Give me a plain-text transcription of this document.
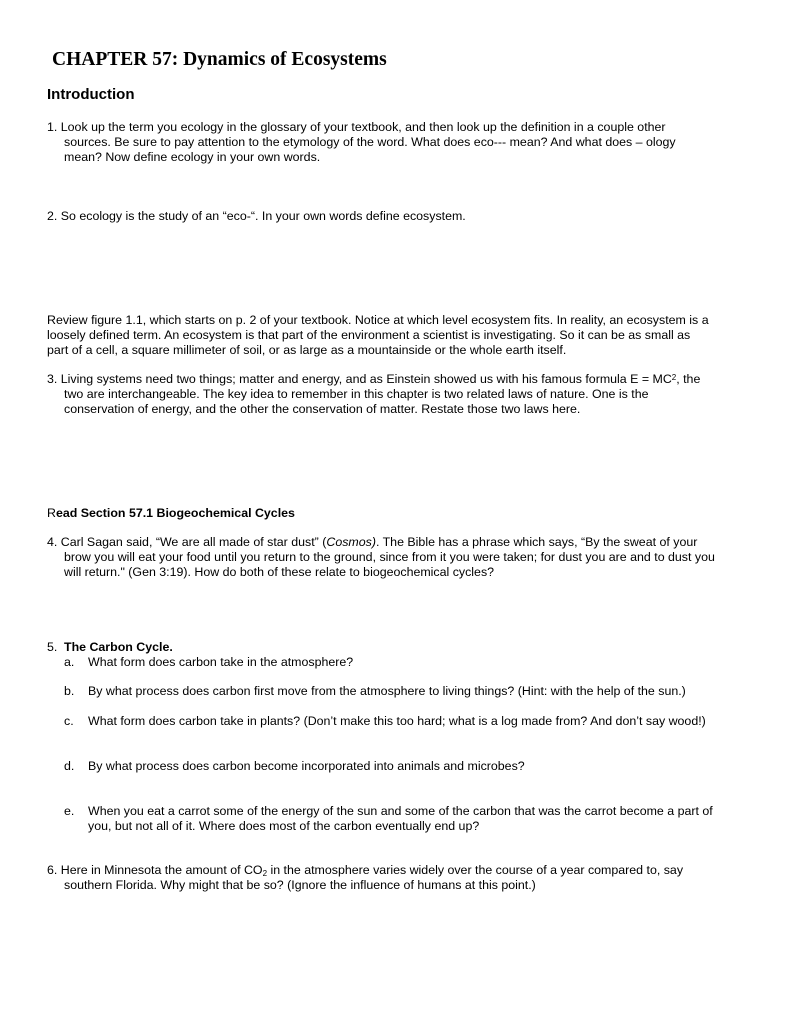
CHAPTER 57: Dynamics of Ecosystems
Introduction
1. Look up the term you ecology in the glossary of your textbook, and then look up the definition in a couple other
sources. Be sure to pay attention to the etymology of the word. What does eco--- mean? And what does – ology
mean? Now define ecology in your own words.
2. So ecology is the study of an “eco-“. In your own words define ecosystem.
Review figure 1.1, which starts on p. 2 of your textbook. Notice at which level ecosystem fits. In reality, an ecosystem is a
loosely defined term. An ecosystem is that part of the environment a scientist is investigating. So it can be as small as
part of a cell, a square millimeter of soil, or as large as a mountainside or the whole earth itself.
3. Living systems need two things; matter and energy, and as Einstein showed us with his famous formula $E = MC^2$, the
two are interchangeable. The key idea to remember in this chapter is two related laws of nature. One is the
conservation of energy, and the other the conservation of matter. Restate those two laws here.
Read Section 57.1 Biogeochemical Cycles
4. Carl Sagan said, “We are all made of star dust” (Cosmos). The Bible has a phrase which says, “By the sweat of your
brow you will eat your food until you return to the ground, since from it you were taken; for dust you are and to dust you
will return." (Gen 3:19). How do both of these relate to biogeochemical cycles?
5. The Carbon Cycle.
a. What form does carbon take in the atmosphere?
b. By what process does carbon first move from the atmosphere to living things? (Hint: with the help of the sun.)
c. What form does carbon take in plants? (Don’t make this too hard; what is a log made from? And don’t say wood!)
d. By what process does carbon become incorporated into animals and microbes?
e. When you eat a carrot some of the energy of the sun and some of the carbon that was the carrot become a part of
you, but not all of it. Where does most of the carbon eventually end up?
6. Here in Minnesota the amount of $CO_2$ in the atmosphere varies widely over the course of a year compared to, say
southern Florida. Why might that be so? (Ignore the influence of humans at this point.)
